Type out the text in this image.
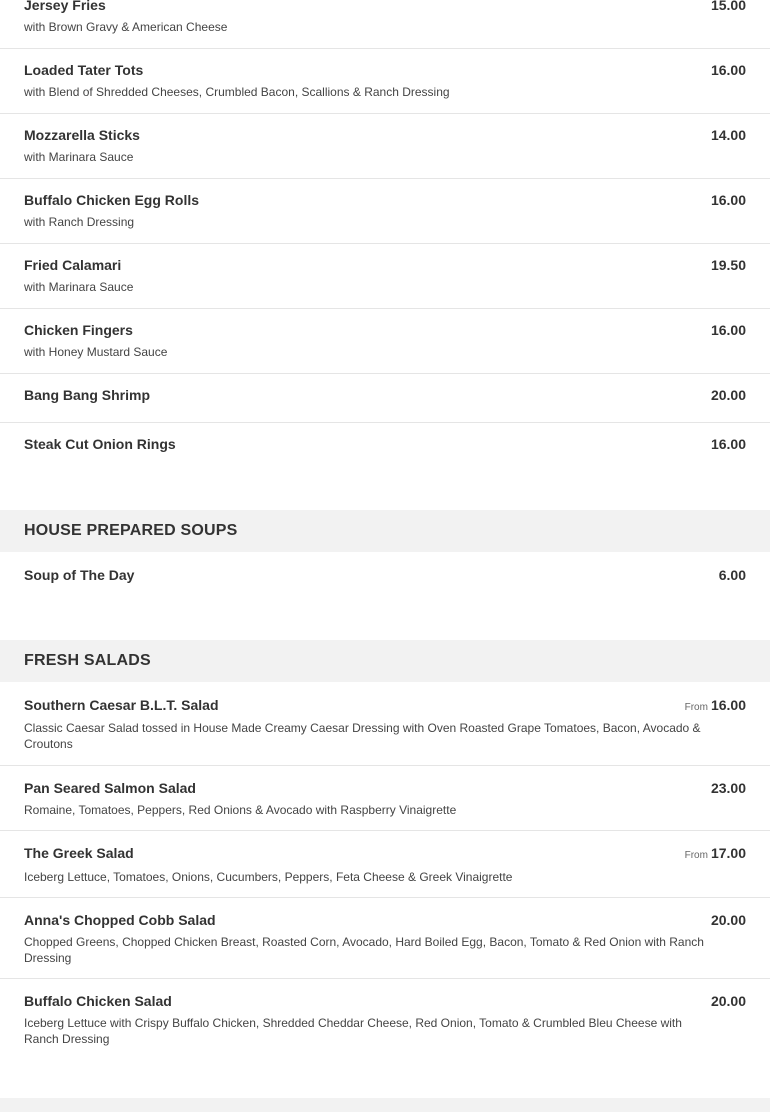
Jersey Fries	15.00
with Brown Gravy & American Cheese
Loaded Tater Tots	16.00
with Blend of Shredded Cheeses, Crumbled Bacon, Scallions & Ranch Dressing
Mozzarella Sticks	14.00
with Marinara Sauce
Buffalo Chicken Egg Rolls	16.00
with Ranch Dressing
Fried Calamari	19.50
with Marinara Sauce
Chicken Fingers	16.00
with Honey Mustard Sauce
Bang Bang Shrimp	20.00
Steak Cut Onion Rings	16.00
HOUSE PREPARED SOUPS
Soup of The Day	6.00
FRESH SALADS
Southern Caesar B.L.T. Salad	From 16.00
Classic Caesar Salad tossed in House Made Creamy Caesar Dressing with Oven Roasted Grape Tomatoes, Bacon, Avocado & Croutons
Pan Seared Salmon Salad	23.00
Romaine, Tomatoes, Peppers, Red Onions & Avocado with Raspberry Vinaigrette
The Greek Salad	From 17.00
Iceberg Lettuce, Tomatoes, Onions, Cucumbers, Peppers, Feta Cheese & Greek Vinaigrette
Anna's Chopped Cobb Salad	20.00
Chopped Greens, Chopped Chicken Breast, Roasted Corn, Avocado, Hard Boiled Egg, Bacon, Tomato & Red Onion with Ranch Dressing
Buffalo Chicken Salad	20.00
Iceberg Lettuce with Crispy Buffalo Chicken, Shredded Cheddar Cheese, Red Onion, Tomato & Crumbled Bleu Cheese with Ranch Dressing
